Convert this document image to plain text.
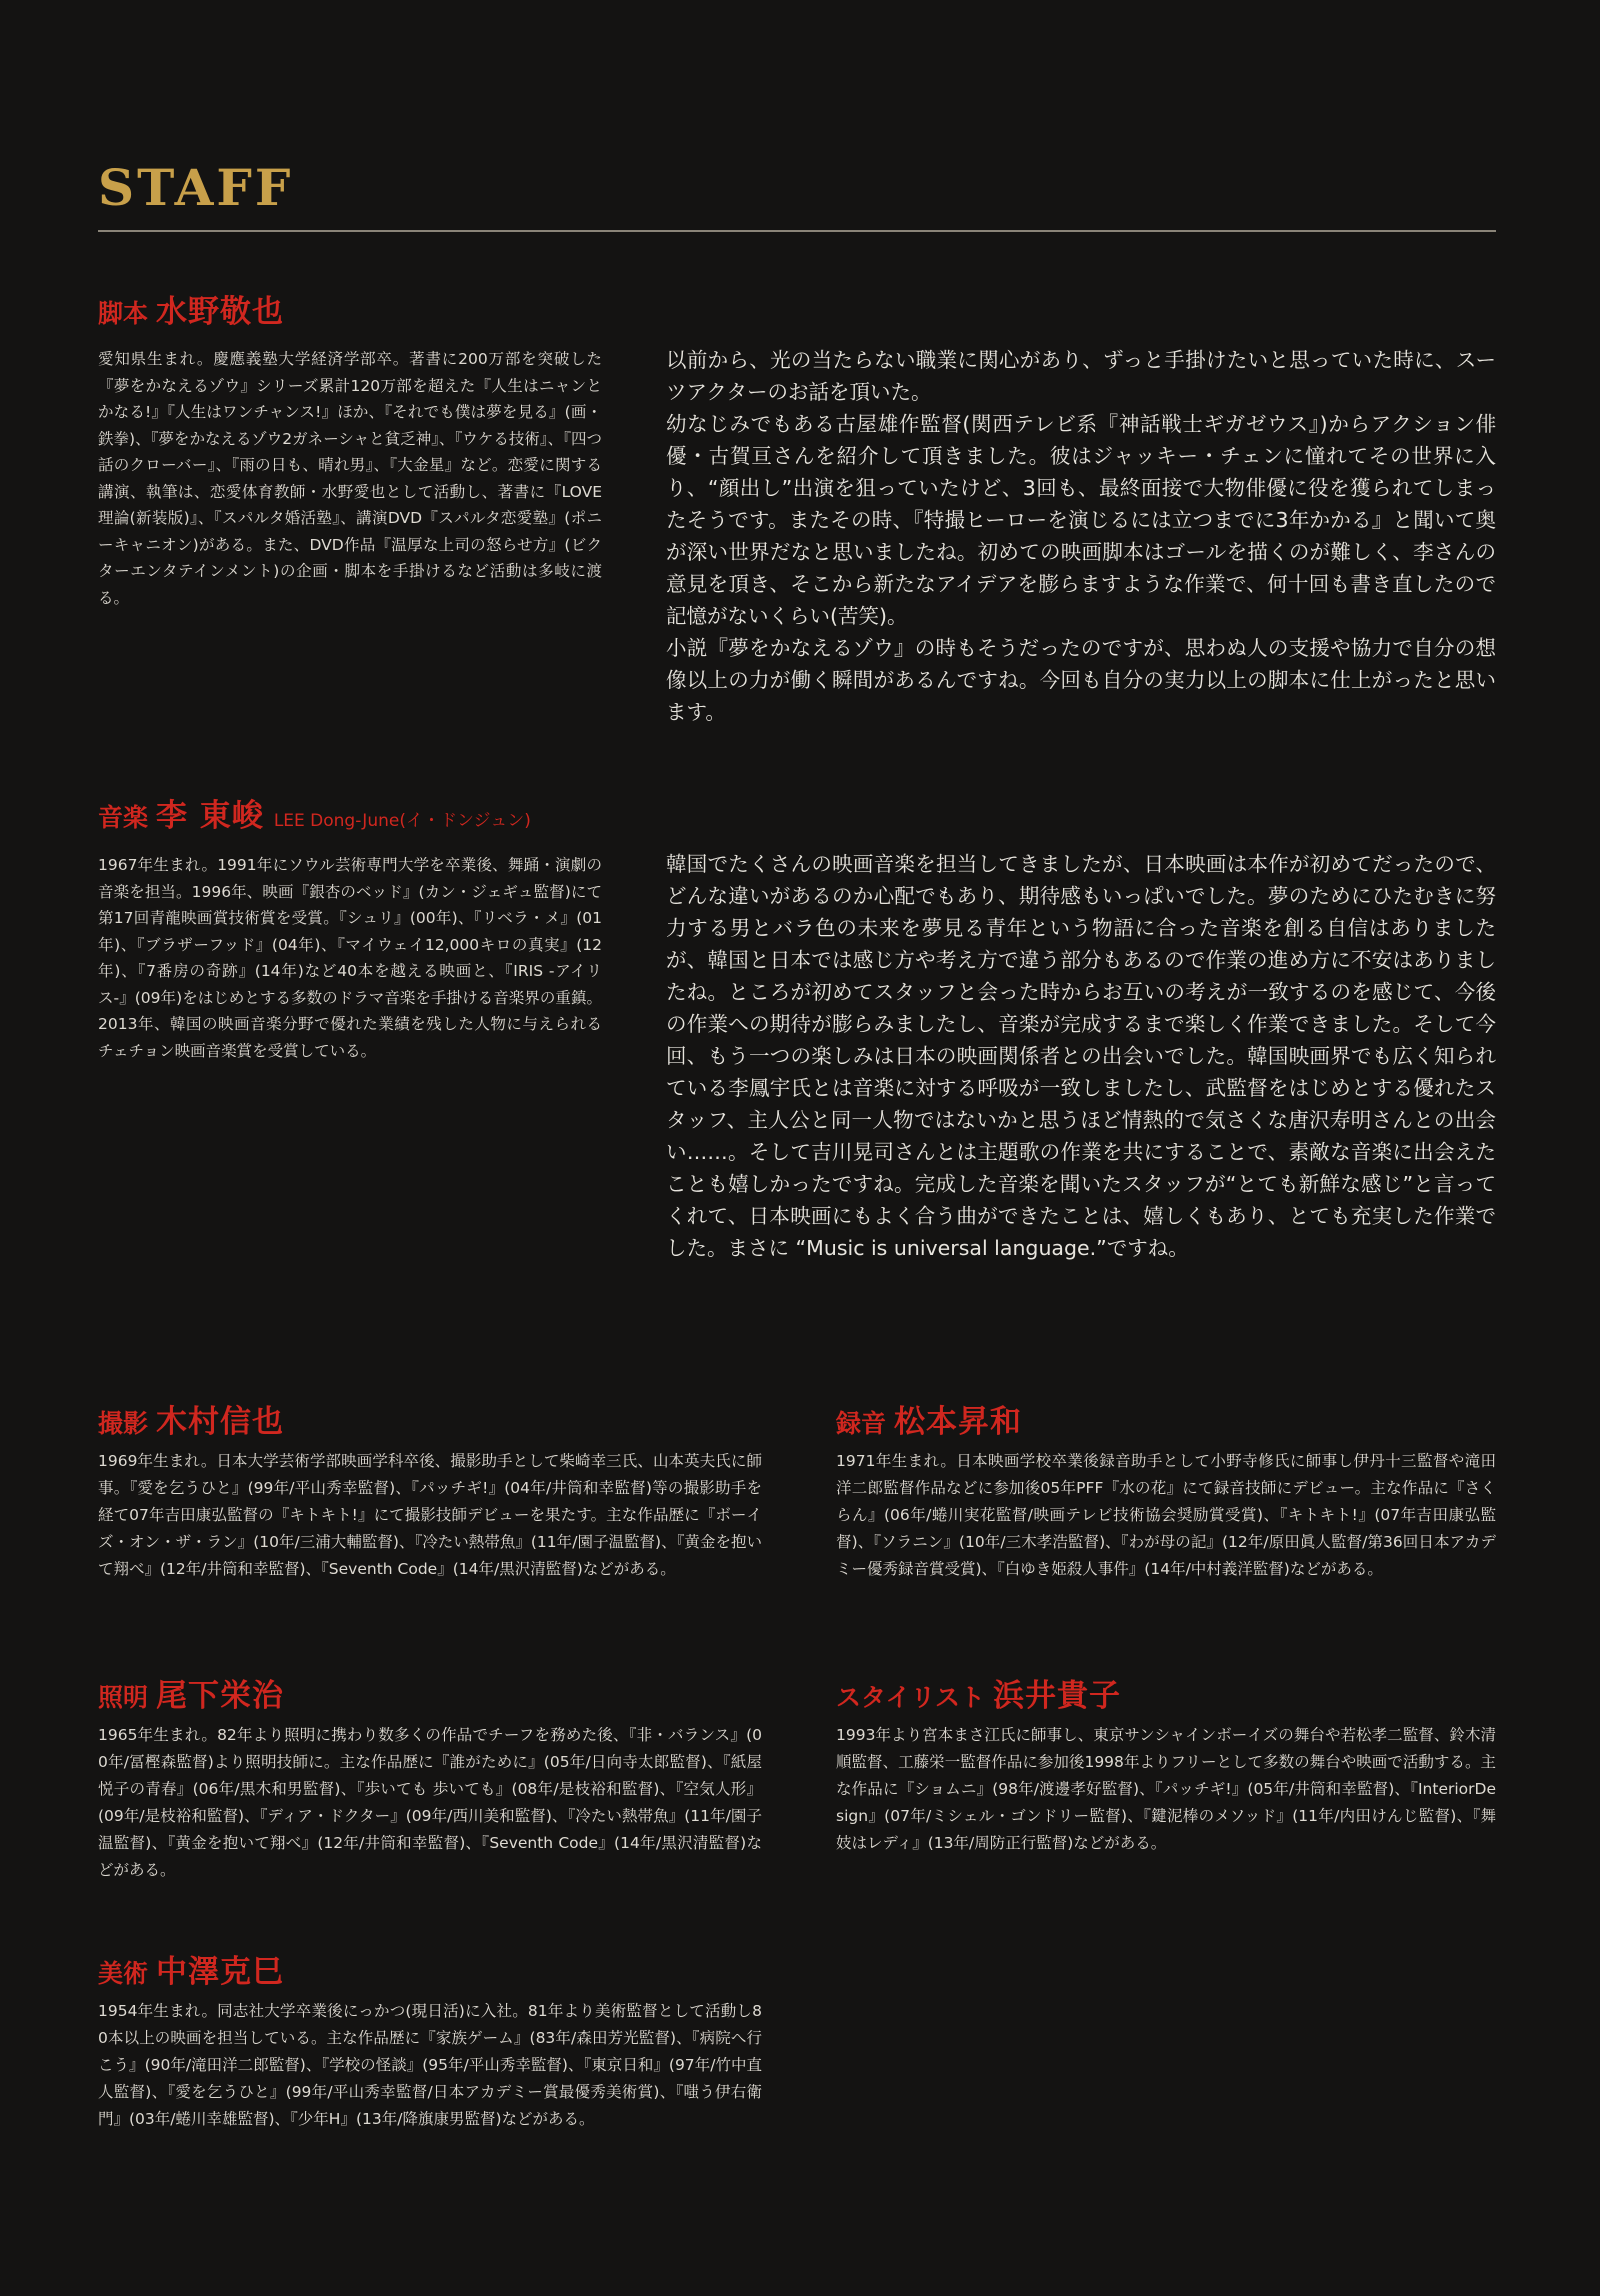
STAFF
脚本 水野敬也
愛知県生まれ。慶應義塾大学経済学部卒。著書に200万部を突破した『夢をかなえるゾウ』シリーズ累計120万部を超えた『人生はニャンとかなる!』『人生はワンチャンス!』ほか、『それでも僕は夢を見る』(画・鉄拳)、『夢をかなえるゾウ2ガネーシャと貧乏神』、『ウケる技術』、『四つ話のクローバー』、『雨の日も、晴れ男』、『大金星』など。恋愛に関する講演、執筆は、恋愛体育教師・水野愛也として活動し、著書に『LOVE理論(新装版)』、『スパルタ婚活塾』、講演DVD『スパルタ恋愛塾』(ポニーキャニオン)がある。また、DVD作品『温厚な上司の怒らせ方』(ビクターエンタテインメント)の企画・脚本を手掛けるなど活動は多岐に渡る。
以前から、光の当たらない職業に関心があり、ずっと手掛けたいと思っていた時に、スーツアクターのお話を頂いた。
幼なじみでもある古屋雄作監督(関西テレビ系『神話戦士ギガゼウス』)からアクション俳優・古賀亘さんを紹介して頂きました。彼はジャッキー・チェンに憧れてその世界に入り、“顔出し”出演を狙っていたけど、3回も、最終面接で大物俳優に役を獲られてしまったそうです。またその時、『特撮ヒーローを演じるには立つまでに3年かかる』と聞いて奥が深い世界だなと思いましたね。初めての映画脚本はゴールを描くのが難しく、李さんの意見を頂き、そこから新たなアイデアを膨らますような作業で、何十回も書き直したので記憶がないくらい(苦笑)。
小説『夢をかなえるゾウ』の時もそうだったのですが、思わぬ人の支援や協力で自分の想像以上の力が働く瞬間があるんですね。今回も自分の実力以上の脚本に仕上がったと思います。
音楽 李 東峻 LEE Dong-June(イ・ドンジュン)
1967年生まれ。1991年にソウル芸術専門大学を卒業後、舞踊・演劇の音楽を担当。1996年、映画『銀杏のベッド』(カン・ジェギュ監督)にて第17回青龍映画賞技術賞を受賞。『シュリ』(00年)、『リベラ・メ』(01年)、『ブラザーフッド』(04年)、『マイウェイ12,000キロの真実』(12年)、『7番房の奇跡』(14年)など40本を越える映画と、『IRIS -アイリス-』(09年)をはじめとする多数のドラマ音楽を手掛ける音楽界の重鎮。2013年、韓国の映画音楽分野で優れた業績を残した人物に与えられるチェチョン映画音楽賞を受賞している。
韓国でたくさんの映画音楽を担当してきましたが、日本映画は本作が初めてだったので、どんな違いがあるのか心配でもあり、期待感もいっぱいでした。夢のためにひたむきに努力する男とバラ色の未来を夢見る青年という物語に合った音楽を創る自信はありましたが、韓国と日本では感じ方や考え方で違う部分もあるので作業の進め方に不安はありましたね。ところが初めてスタッフと会った時からお互いの考えが一致するのを感じて、今後の作業への期待が膨らみましたし、音楽が完成するまで楽しく作業できました。そして今回、もう一つの楽しみは日本の映画関係者との出会いでした。韓国映画界でも広く知られている李鳳宇氏とは音楽に対する呼吸が一致しましたし、武監督をはじめとする優れたスタッフ、主人公と同一人物ではないかと思うほど情熱的で気さくな唐沢寿明さんとの出会い……。そして吉川晃司さんとは主題歌の作業を共にすることで、素敵な音楽に出会えたことも嬉しかったですね。完成した音楽を聞いたスタッフが“とても新鮮な感じ”と言ってくれて、日本映画にもよく合う曲ができたことは、嬉しくもあり、とても充実した作業でした。まさに “Music is universal language.”ですね。
撮影 木村信也
1969年生まれ。日本大学芸術学部映画学科卒後、撮影助手として柴崎幸三氏、山本英夫氏に師事。『愛を乞うひと』(99年/平山秀幸監督)、『パッチギ!』(04年/井筒和幸監督)等の撮影助手を経て07年吉田康弘監督の『キトキト!』にて撮影技師デビューを果たす。主な作品歴に『ボーイズ・オン・ザ・ラン』(10年/三浦大輔監督)、『冷たい熱帯魚』(11年/園子温監督)、『黄金を抱いて翔べ』(12年/井筒和幸監督)、『Seventh Code』(14年/黒沢清監督)などがある。
録音 松本昇和
1971年生まれ。日本映画学校卒業後録音助手として小野寺修氏に師事し伊丹十三監督や滝田洋二郎監督作品などに参加後05年PFF『水の花』にて録音技師にデビュー。主な作品に『さくらん』(06年/蜷川実花監督/映画テレビ技術協会奨励賞受賞)、『キトキト!』(07年吉田康弘監督)、『ソラニン』(10年/三木孝浩監督)、『わが母の記』(12年/原田眞人監督/第36回日本アカデミー優秀録音賞受賞)、『白ゆき姫殺人事件』(14年/中村義洋監督)などがある。
照明 尾下栄治
1965年生まれ。82年より照明に携わり数多くの作品でチーフを務めた後、『非・バランス』(00年/冨樫森監督)より照明技師に。主な作品歴に『誰がために』(05年/日向寺太郎監督)、『紙屋悦子の青春』(06年/黒木和男監督)、『歩いても 歩いても』(08年/是枝裕和監督)、『空気人形』(09年/是枝裕和監督)、『ディア・ドクター』(09年/西川美和監督)、『冷たい熱帯魚』(11年/園子温監督)、『黄金を抱いて翔べ』(12年/井筒和幸監督)、『Seventh Code』(14年/黒沢清監督)などがある。
スタイリスト 浜井貴子
1993年より宮本まさ江氏に師事し、東京サンシャインボーイズの舞台や若松孝二監督、鈴木清順監督、工藤栄一監督作品に参加後1998年よりフリーとして多数の舞台や映画で活動する。主な作品に『ショムニ』(98年/渡邊孝好監督)、『パッチギ!』(05年/井筒和幸監督)、『InteriorDesign』(07年/ミシェル・ゴンドリー監督)、『鍵泥棒のメソッド』(11年/内田けんじ監督)、『舞妓はレディ』(13年/周防正行監督)などがある。
美術 中澤克巳
1954年生まれ。同志社大学卒業後にっかつ(現日活)に入社。81年より美術監督として活動し80本以上の映画を担当している。主な作品歴に『家族ゲーム』(83年/森田芳光監督)、『病院へ行こう』(90年/滝田洋二郎監督)、『学校の怪談』(95年/平山秀幸監督)、『東京日和』(97年/竹中直人監督)、『愛を乞うひと』(99年/平山秀幸監督/日本アカデミー賞最優秀美術賞)、『嗤う伊右衛門』(03年/蜷川幸雄監督)、『少年H』(13年/降旗康男監督)などがある。
